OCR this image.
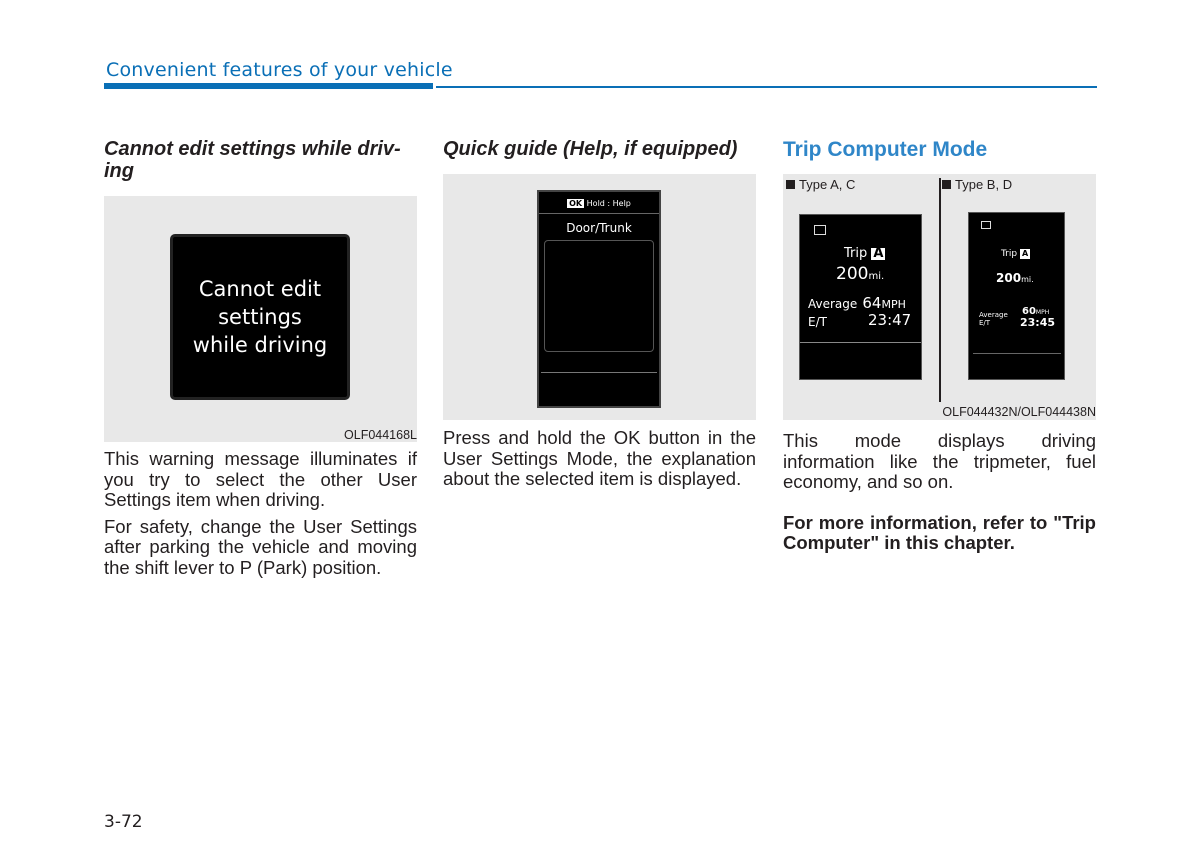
Convenient features of your vehicle
Cannot edit settings while driv-
ing
Cannot edit
settings
while driving
OLF044168L

This warning message illuminates if you try to select the other User Settings item when driving.

For safety, change the User Settings after parking the vehicle and moving the shift lever to P (Park) position.

Quick guide (Help, if equipped)
OK Hold : Help
Door/Trunk

Press and hold the OK button in the User Settings Mode, the explanation about the selected item is displayed.

Trip Computer Mode
Type A, C	Type B, D
Trip A
200mi.
Average 64MPH
E/T	23:47
Trip A
200mi.
Average 60MPH
E/T	23:45
OLF044432N/OLF044438N

This mode displays driving information like the tripmeter, fuel economy, and so on.

For more information, refer to "Trip Computer" in this chapter.

3-72
